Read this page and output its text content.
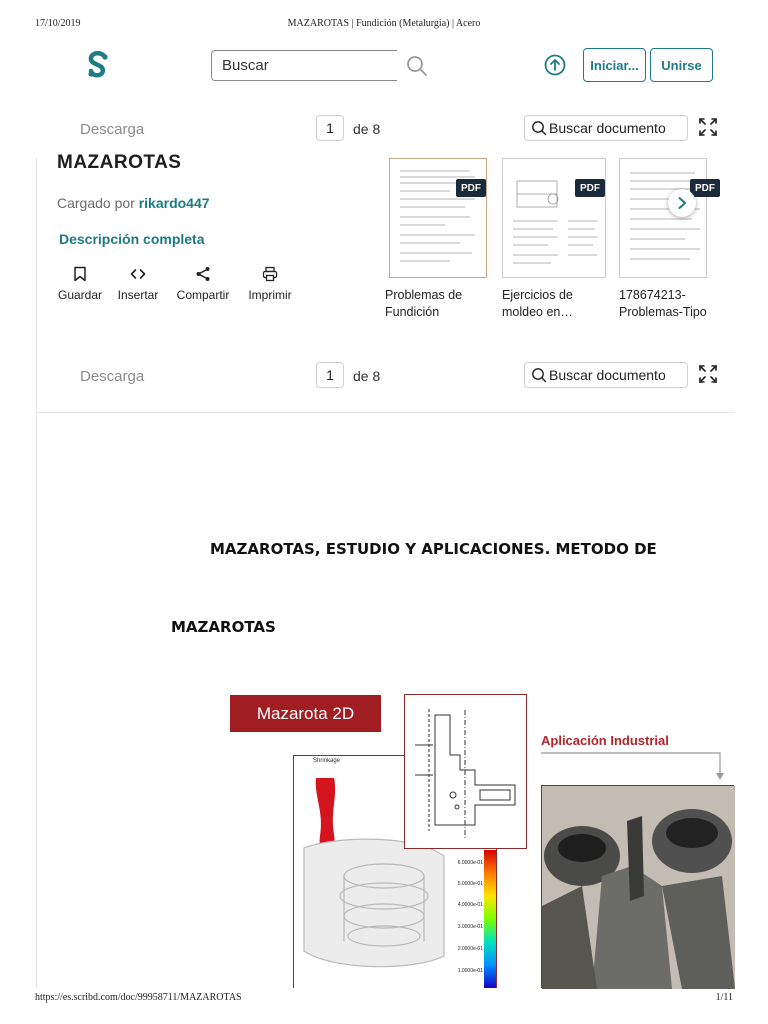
17/10/2019	MAZAROTAS | Fundición (Metalurgia) | Acero
Buscar
Iniciar...	Unirse
Descarga	1	de 8	Buscar documento
MAZAROTAS
Cargado por rikardo447
Descripción completa
Guardar Insertar	Compartir	Imprimir
PDF	PDF	PDF
Problemas de Fundición
Ejercicios de moldeo en…
178674213-Problemas-Tipo
Descarga	1	de 8	Buscar documento
MAZAROTAS, ESTUDIO Y APLICACIONES. METODO DE
MAZAROTAS
Mazarota 2D
Shrinkage
6.0000e-01
5.0000e-01
4.0000e-01
3.0000e-01
2.0000e-01
1.0000e-01
Aplicación Industrial
https://es.scribd.com/doc/99958711/MAZAROTAS	1/11
